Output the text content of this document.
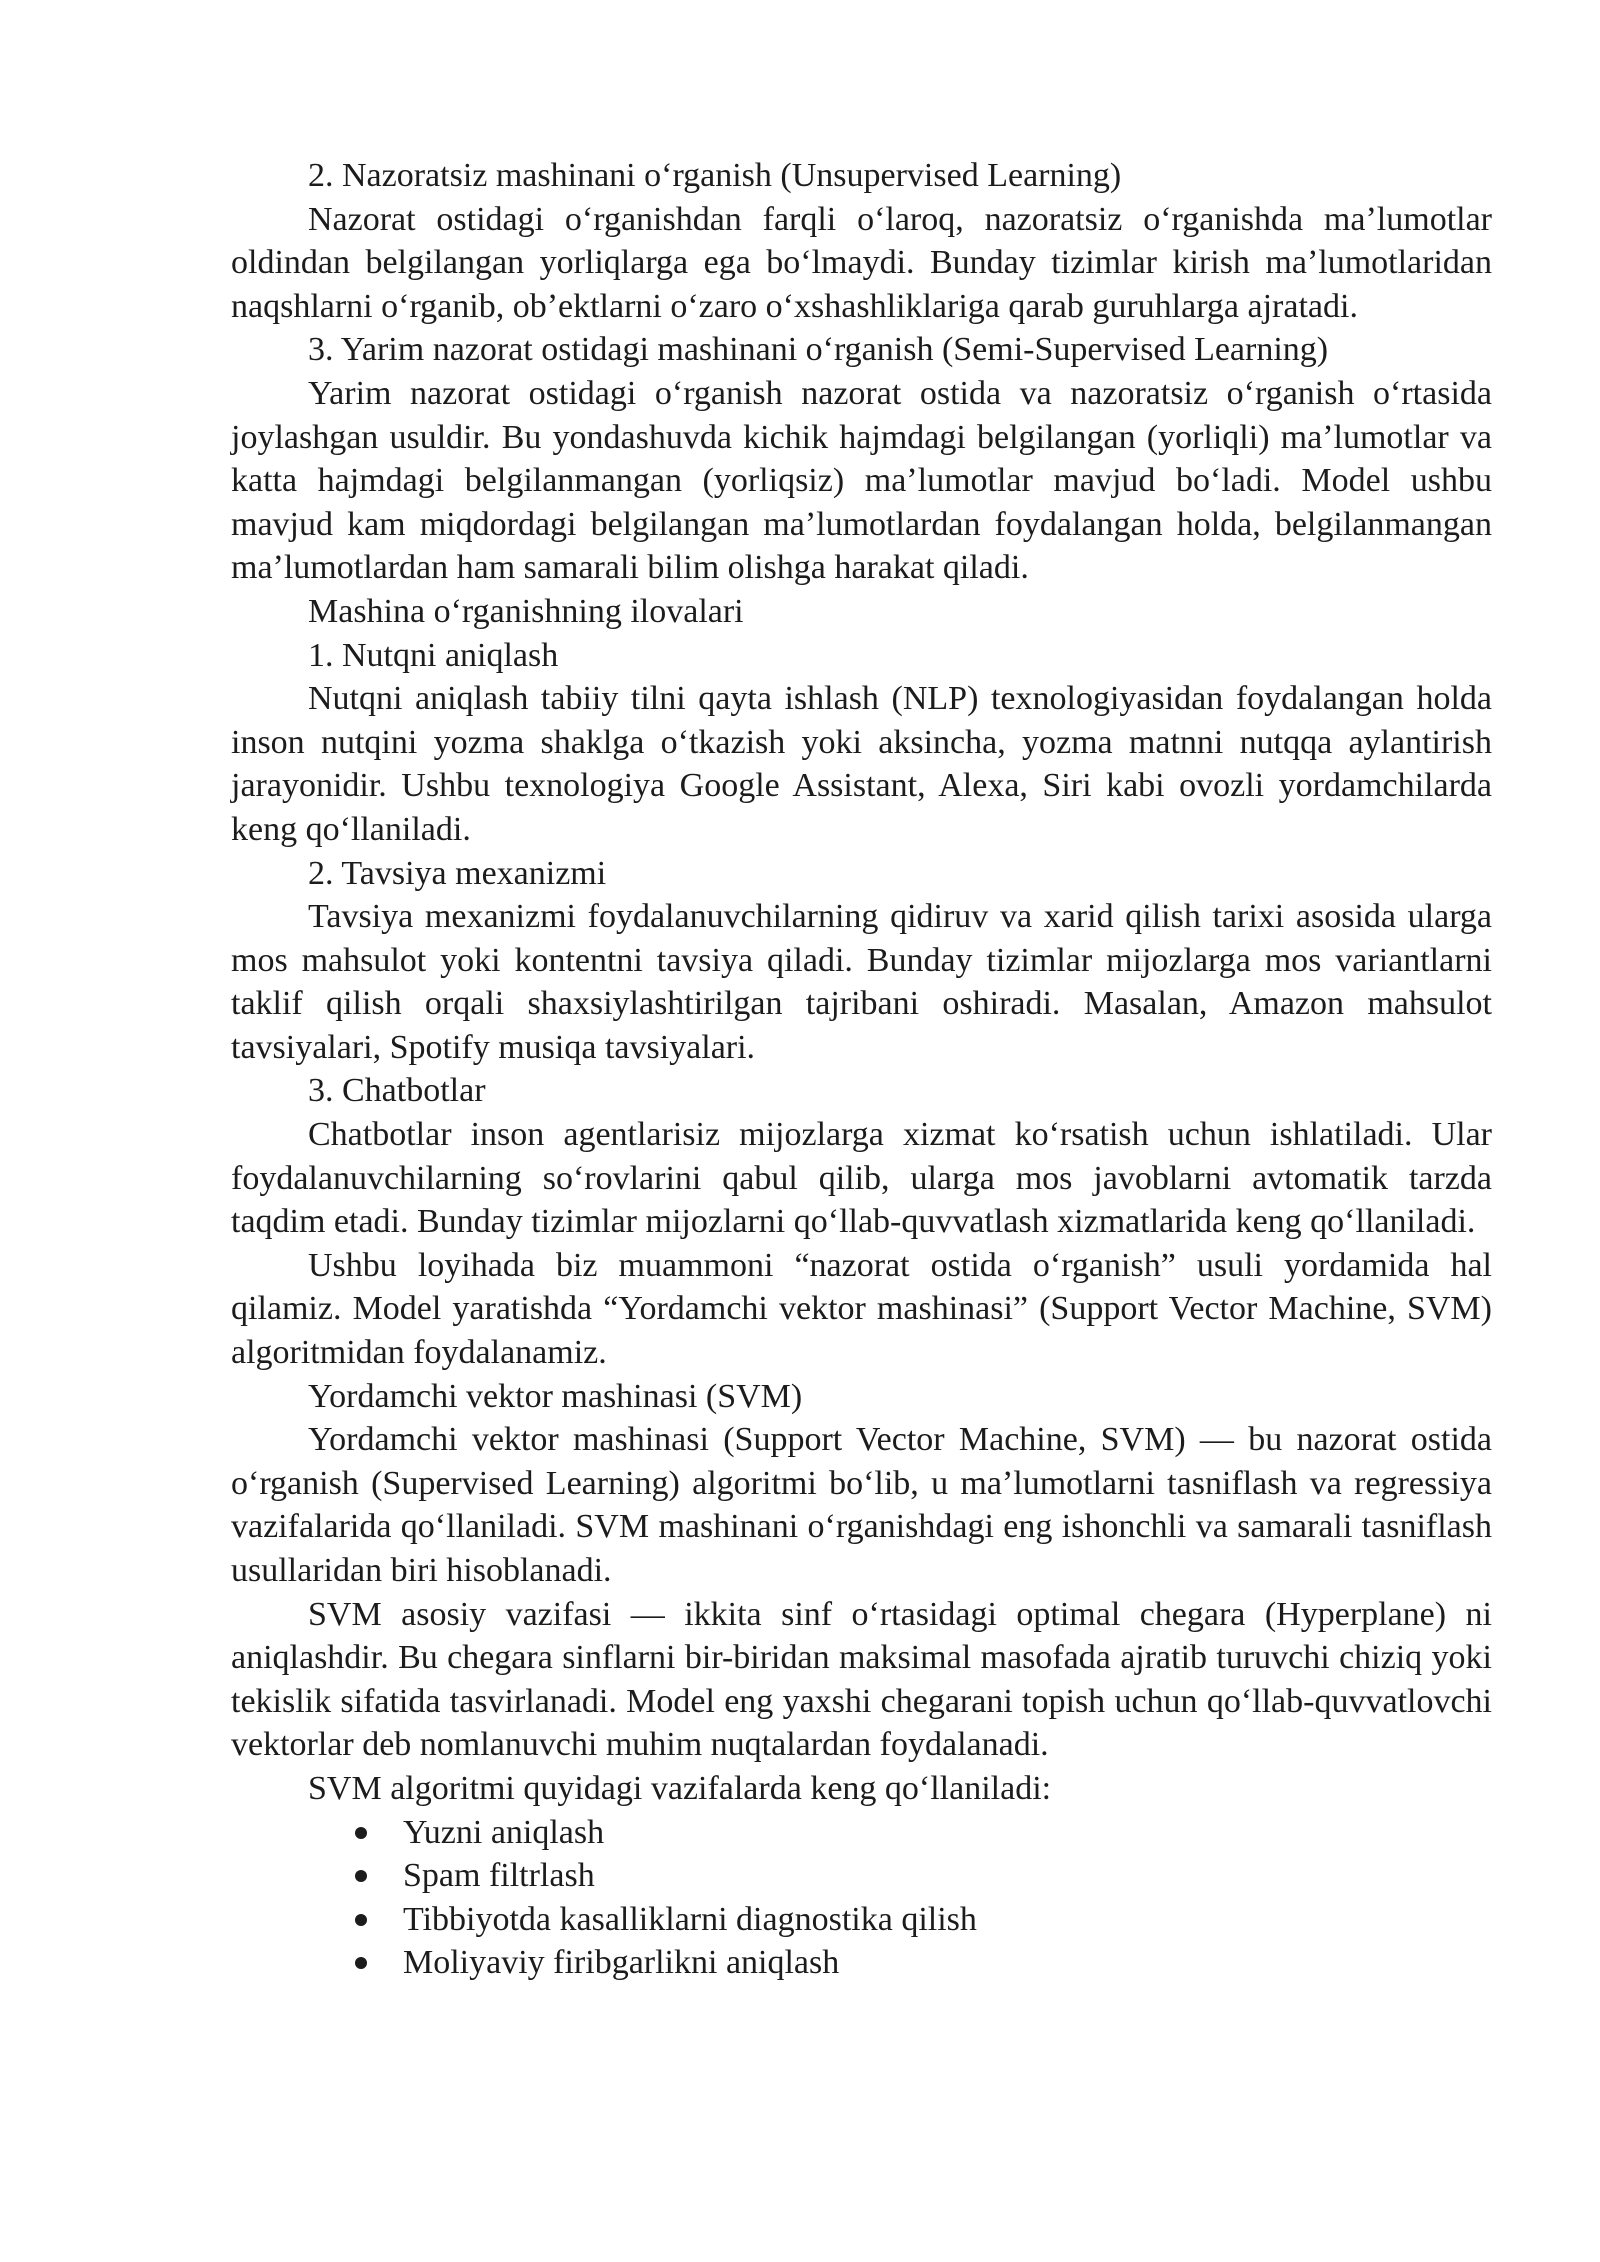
2. Nazoratsiz mashinani oʻrganish (Unsupervised Learning)

Nazorat ostidagi oʻrganishdan farqli oʻlaroq, nazoratsiz oʻrganishda maʼlumotlar oldindan belgilangan yorliqlarga ega boʻlmaydi. Bunday tizimlar kirish maʼlumotlaridan naqshlarni oʻrganib, obʼektlarni oʻzaro oʻxshashliklariga qarab guruhlarga ajratadi.

3. Yarim nazorat ostidagi mashinani oʻrganish (Semi-Supervised Learning)

Yarim nazorat ostidagi oʻrganish nazorat ostida va nazoratsiz oʻrganish oʻrtasida joylashgan usuldir. Bu yondashuvda kichik hajmdagi belgilangan (yorliqli) maʼlumotlar va katta hajmdagi belgilanmangan (yorliqsiz) maʼlumotlar mavjud boʻladi. Model ushbu mavjud kam miqdordagi belgilangan maʼlumotlardan foydalangan holda, belgilanmangan maʼlumotlardan ham samarali bilim olishga harakat qiladi.

Mashina oʻrganishning ilovalari

1. Nutqni aniqlash

Nutqni aniqlash tabiiy tilni qayta ishlash (NLP) texnologiyasidan foydalangan holda inson nutqini yozma shaklga oʻtkazish yoki aksincha, yozma matnni nutqqa aylantirish jarayonidir. Ushbu texnologiya Google Assistant, Alexa, Siri kabi ovozli yordamchilarda keng qoʻllaniladi.

2. Tavsiya mexanizmi

Tavsiya mexanizmi foydalanuvchilarning qidiruv va xarid qilish tarixi asosida ularga mos mahsulot yoki kontentni tavsiya qiladi. Bunday tizimlar mijozlarga mos variantlarni taklif qilish orqali shaxsiylashtirilgan tajribani oshiradi. Masalan, Amazon mahsulot tavsiyalari, Spotify musiqa tavsiyalari.

3. Chatbotlar

Chatbotlar inson agentlarisiz mijozlarga xizmat koʻrsatish uchun ishlatiladi. Ular foydalanuvchilarning soʻrovlarini qabul qilib, ularga mos javoblarni avtomatik tarzda taqdim etadi. Bunday tizimlar mijozlarni qoʻllab-quvvatlash xizmatlarida keng qoʻllaniladi.

Ushbu loyihada biz muammoni “nazorat ostida oʻrganish” usuli yordamida hal qilamiz. Model yaratishda “Yordamchi vektor mashinasi” (Support Vector Machine, SVM) algoritmidan foydalanamiz.

Yordamchi vektor mashinasi (SVM)

Yordamchi vektor mashinasi (Support Vector Machine, SVM) — bu nazorat ostida oʻrganish (Supervised Learning) algoritmi boʻlib, u maʼlumotlarni tasniflash va regressiya vazifalarida qoʻllaniladi. SVM mashinani oʻrganishdagi eng ishonchli va samarali tasniflash usullaridan biri hisoblanadi.

SVM asosiy vazifasi — ikkita sinf oʻrtasidagi optimal chegara (Hyperplane) ni aniqlashdir. Bu chegara sinflarni bir-biridan maksimal masofada ajratib turuvchi chiziq yoki tekislik sifatida tasvirlanadi. Model eng yaxshi chegarani topish uchun qoʻllab-quvvatlovchi vektorlar deb nomlanuvchi muhim nuqtalardan foydalanadi.

SVM algoritmi quyidagi vazifalarda keng qoʻllaniladi:

Yuzni aniqlash
Spam filtrlash
Tibbiyotda kasalliklarni diagnostika qilish
Moliyaviy firibgarlikni aniqlash
